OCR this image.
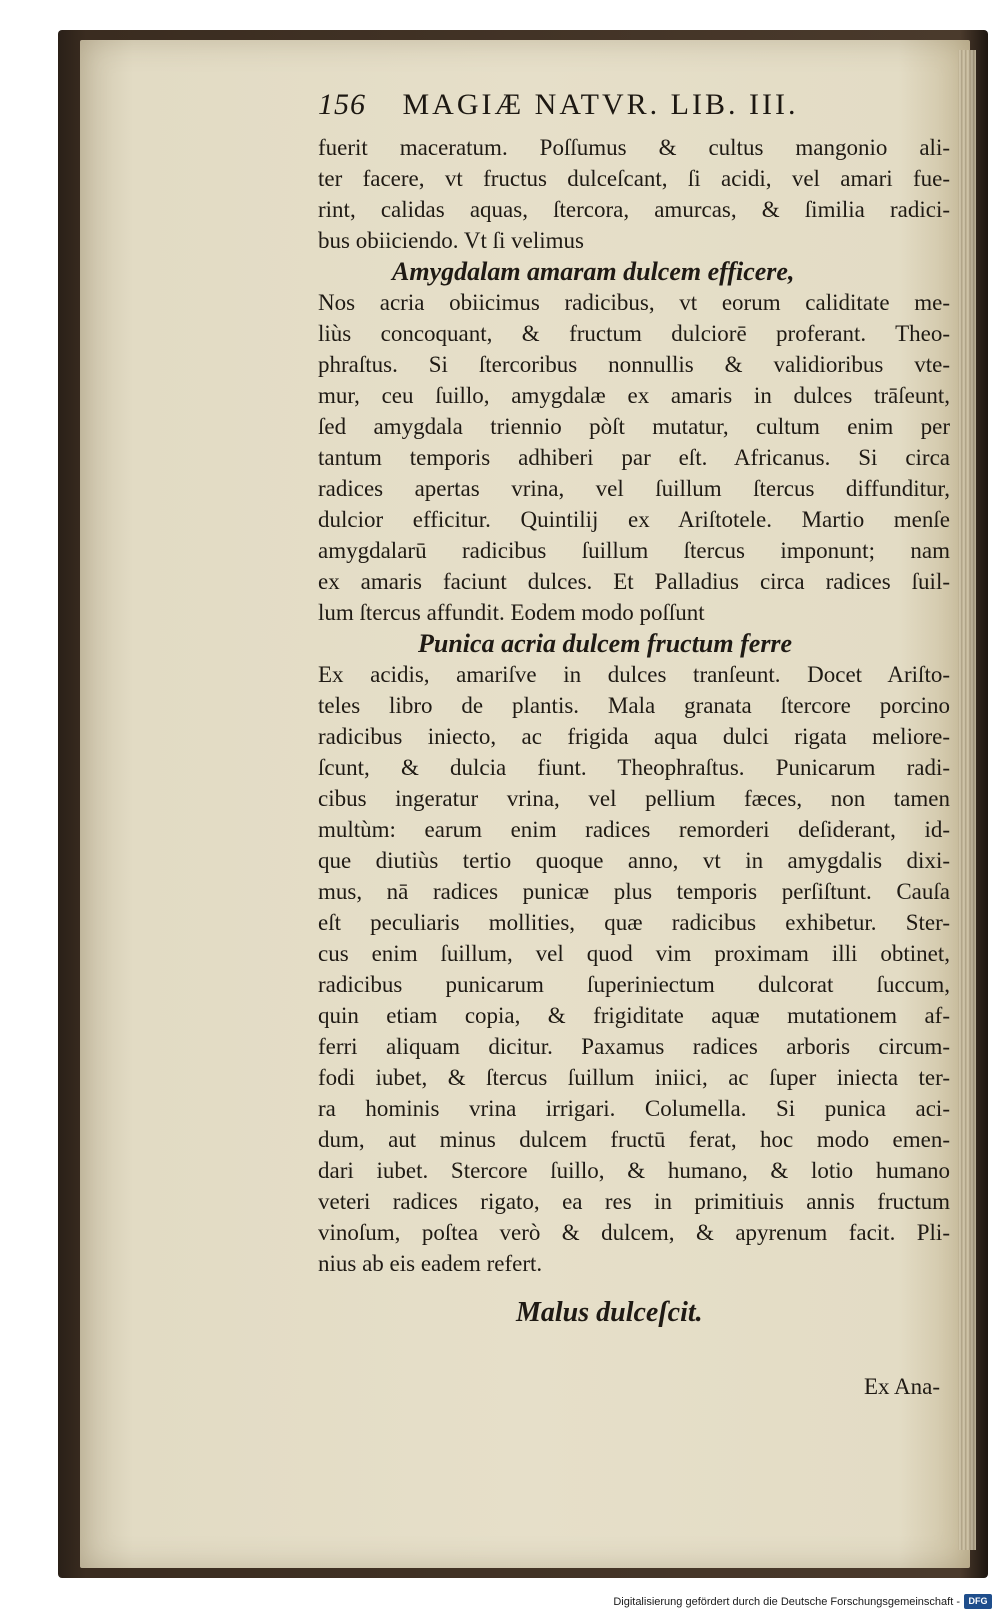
156 MAGIÆ NATVR. LIB. III.
fuerit maceratum. Poſſumus & cultus mangonio ali-
ter facere, vt fructus dulceſcant, ſi acidi, vel amari fue-
rint, calidas aquas, ſtercora, amurcas, & ſimilia radici-
bus obiiciendo. Vt ſi velimus
Amygdalam amaram dulcem efficere,
Nos acria obiicimus radicibus, vt eorum caliditate me-
liùs concoquant, & fructum dulciorē proferant. Theo-
phraſtus. Si ſtercoribus nonnullis & validioribus vte-
mur, ceu ſuillo, amygdalæ ex amaris in dulces trāſeunt,
ſed amygdala triennio pòſt mutatur, cultum enim per
tantum temporis adhiberi par eſt. Africanus. Si circa
radices apertas vrina, vel ſuillum ſtercus diffunditur,
dulcior efficitur. Quintilij ex Ariſtotele. Martio menſe
amygdalarū radicibus ſuillum ſtercus imponunt; nam
ex amaris faciunt dulces. Et Palladius circa radices ſuil-
lum ſtercus affundit. Eodem modo poſſunt
Punica acria dulcem fructum ferre
Ex acidis, amariſve in dulces tranſeunt. Docet Ariſto-
teles libro de plantis. Mala granata ſtercore porcino
radicibus iniecto, ac frigida aqua dulci rigata meliore-
ſcunt, & dulcia fiunt. Theophraſtus. Punicarum radi-
cibus ingeratur vrina, vel pellium fæces, non tamen
multùm: earum enim radices remorderi deſiderant, id-
que diutiùs tertio quoque anno, vt in amygdalis dixi-
mus, nā radices punicæ plus temporis perſiſtunt. Cauſa
eſt peculiaris mollities, quæ radicibus exhibetur. Ster-
cus enim ſuillum, vel quod vim proximam illi obtinet,
radicibus punicarum ſuperiniectum dulcorat ſuccum,
quin etiam copia, & frigiditate aquæ mutationem af-
ferri aliquam dicitur. Paxamus radices arboris circum-
fodi iubet, & ſtercus ſuillum iniici, ac ſuper iniecta ter-
ra hominis vrina irrigari. Columella. Si punica aci-
dum, aut minus dulcem fructū ferat, hoc modo emen-
dari iubet. Stercore ſuillo, & humano, & lotio humano
veteri radices rigato, ea res in primitiuis annis fructum
vinoſum, poſtea verò & dulcem, & apyrenum facit. Pli-
nius ab eis eadem refert.
Malus dulceſcit.
Ex Ana-
Digitalisierung gefördert durch die Deutsche Forschungsgemeinschaft - DFG
